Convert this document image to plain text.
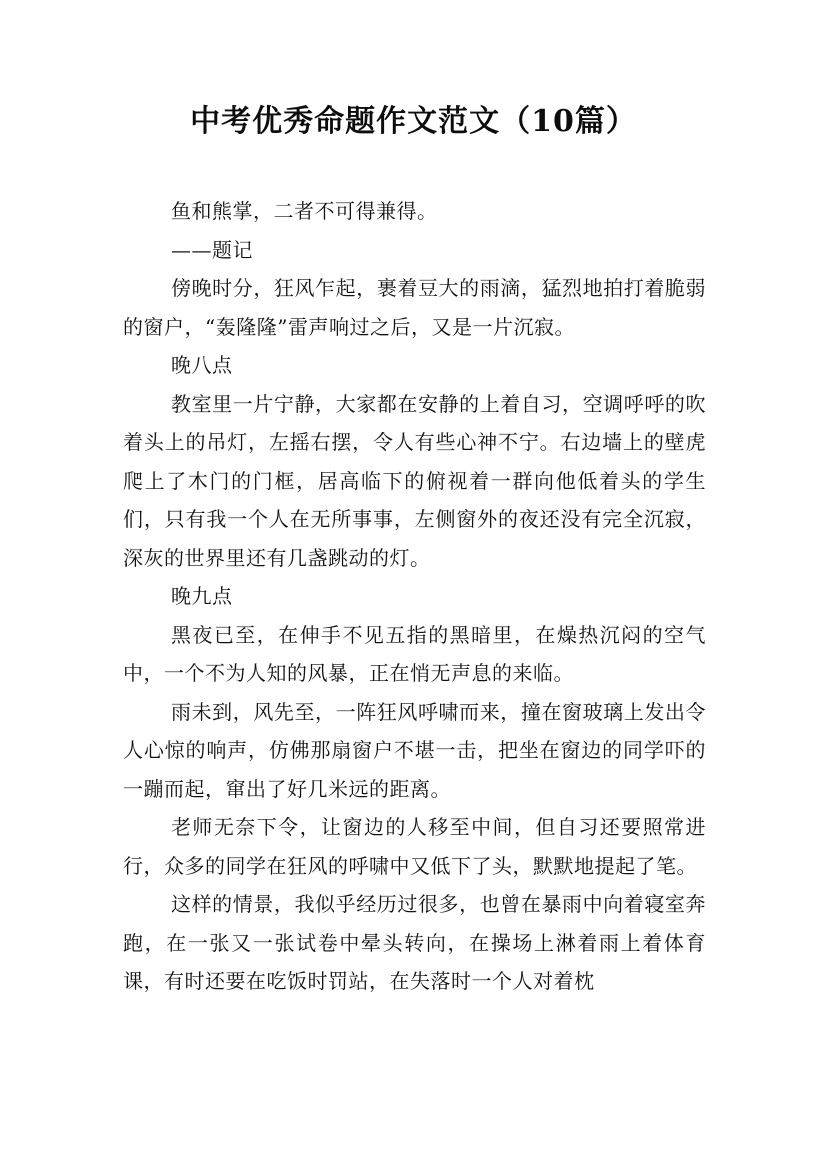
中考优秀命题作文范文（10篇）

鱼和熊掌，二者不可得兼得。

——题记

傍晚时分，狂风乍起，裹着豆大的雨滴，猛烈地拍打着脆弱的窗户，“轰隆隆”雷声响过之后，又是一片沉寂。

晚八点

教室里一片宁静，大家都在安静的上着自习，空调呼呼的吹着头上的吊灯，左摇右摆，令人有些心神不宁。右边墙上的壁虎爬上了木门的门框，居高临下的俯视着一群向他低着头的学生们，只有我一个人在无所事事，左侧窗外的夜还没有完全沉寂，深灰的世界里还有几盏跳动的灯。

晚九点

黑夜已至，在伸手不见五指的黑暗里，在燥热沉闷的空气中，一个不为人知的风暴，正在悄无声息的来临。

雨未到，风先至，一阵狂风呼啸而来，撞在窗玻璃上发出令人心惊的响声，仿佛那扇窗户不堪一击，把坐在窗边的同学吓的一蹦而起，窜出了好几米远的距离。

老师无奈下令，让窗边的人移至中间，但自习还要照常进行，众多的同学在狂风的呼啸中又低下了头，默默地提起了笔。

这样的情景，我似乎经历过很多，也曾在暴雨中向着寝室奔跑，在一张又一张试卷中晕头转向，在操场上淋着雨上着体育课，有时还要在吃饭时罚站，在失落时一个人对着枕
